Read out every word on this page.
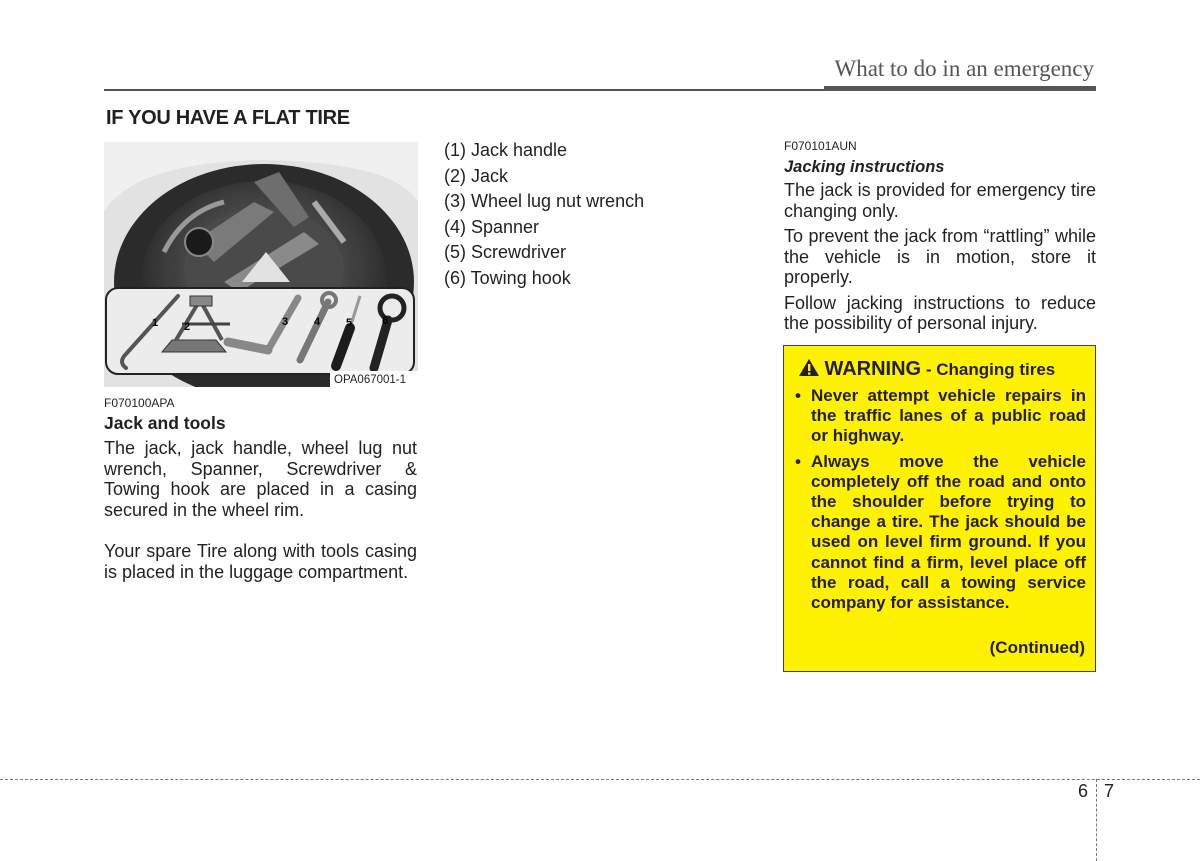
What to do in an emergency
IF YOU HAVE A FLAT TIRE
1 2	3 4 5	6
OPA067001-1
F070100APA
Jack and tools

The jack, jack handle, wheel lug nut wrench, Spanner, Screwdriver & Towing hook are placed in a casing secured in the wheel rim.

Your spare Tire along with tools casing is placed in the luggage compartment.

(1) Jack handle
(2) Jack
(3) Wheel lug nut wrench
(4) Spanner
(5) Screwdriver
(6) Towing hook
F070101AUN
Jacking instructions

The jack is provided for emergency tire changing only.

To prevent the jack from “rattling” while the vehicle is in motion, store it properly.

Follow jacking instructions to reduce the possibility of personal injury.

WARNING - Changing tires
• Never attempt vehicle repairs in the traffic lanes of a public road or highway.
• Always move the vehicle completely off the road and onto the shoulder before trying to change a tire. The jack should be used on level firm ground. If you cannot find a firm, level place off the road, call a towing service company for assistance.
(Continued)
6 7
